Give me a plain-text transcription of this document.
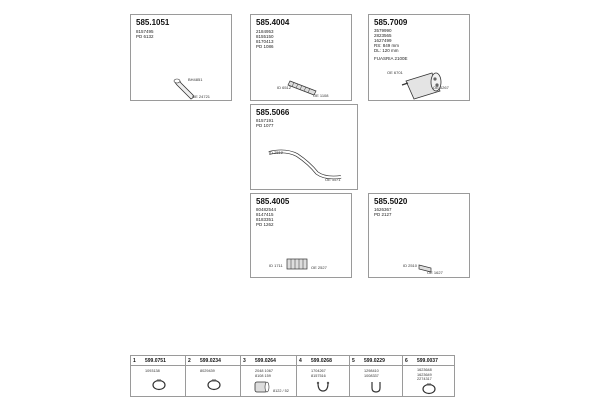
585.1051
8157495
PD 6132
BH4851
OE 24721
585.4004
2184953
8155150
8170413
PD 1086
ID 6512
OE 1108
585.7009
3579990
2823565
1627499
RS: 849 mm
DL: 120 mm
FUASRIA 2100E
OE 6701
OE 6267
585.5066
8157191
PD 1077
ID 2512
OE 1171
585.4005
80482544
8147415
8183351
PD 1262
ID 1711	OE 2527
585.5020
1626367
PD 2127
ID 2510
OE 1627
1 599.0751
1093138
2 599.0234
8029439
3 599.0264
2048 1067
8108 159
8122 / 52
4 599.0268
1704267
8157516
5 599.0229
1298410
1008337
6 599.0037
1623648
1623649
2274317
